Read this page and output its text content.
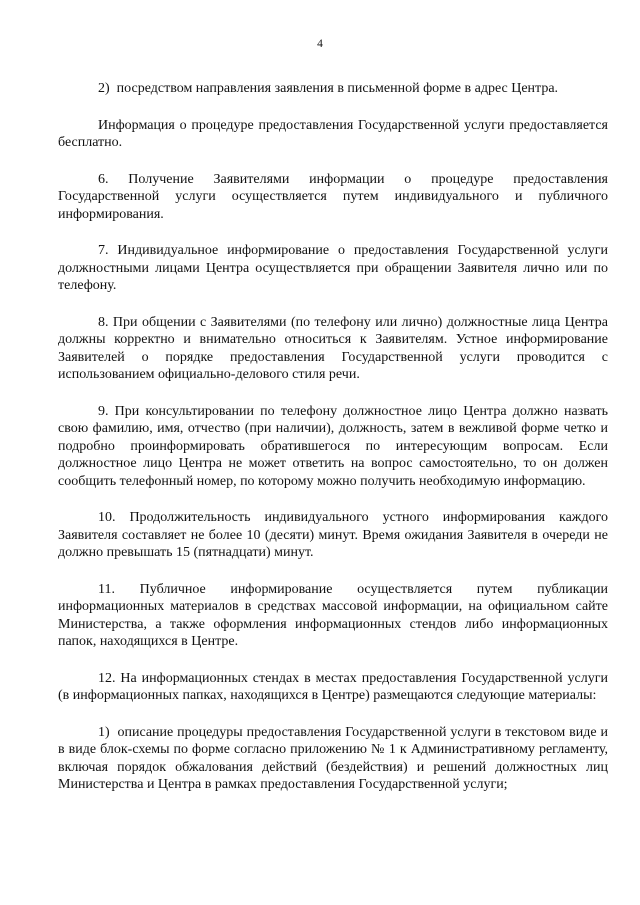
4

2)  посредством направления заявления в письменной форме в адрес Центра.

Информация о процедуре предоставления Государственной услуги предоставляется бесплатно.

6. Получение Заявителями информации о процедуре предоставления Государственной услуги осуществляется путем индивидуального и публичного информирования.

7. Индивидуальное информирование о предоставления Государственной услуги должностными лицами Центра осуществляется при обращении Заявителя лично или по телефону.

8. При общении с Заявителями (по телефону или лично) должностные лица Центра должны корректно и внимательно относиться к Заявителям. Устное информирование Заявителей о порядке предоставления Государственной услуги проводится с использованием официально-делового стиля речи.

9. При консультировании по телефону должностное лицо Центра должно назвать свою фамилию, имя, отчество (при наличии), должность, затем в вежливой форме четко и подробно проинформировать обратившегося по интересующим вопросам. Если должностное лицо Центра не может ответить на вопрос самостоятельно, то он должен сообщить телефонный номер, по которому можно получить необходимую информацию.

10. Продолжительность индивидуального устного информирования каждого Заявителя составляет не более 10 (десяти) минут. Время ожидания Заявителя в очереди не должно превышать 15 (пятнадцати) минут.

11. Публичное информирование осуществляется путем публикации информационных материалов в средствах массовой информации, на официальном сайте Министерства, а также оформления информационных стендов либо информационных папок, находящихся в Центре.

12. На информационных стендах в местах предоставления Государственной услуги (в информационных папках, находящихся в Центре) размещаются следующие материалы:

1)  описание процедуры предоставления Государственной услуги в текстовом виде и в виде блок-схемы по форме согласно приложению № 1 к Административному регламенту, включая порядок обжалования действий (бездействия) и решений должностных лиц Министерства и Центра в рамках предоставления Государственной услуги;
